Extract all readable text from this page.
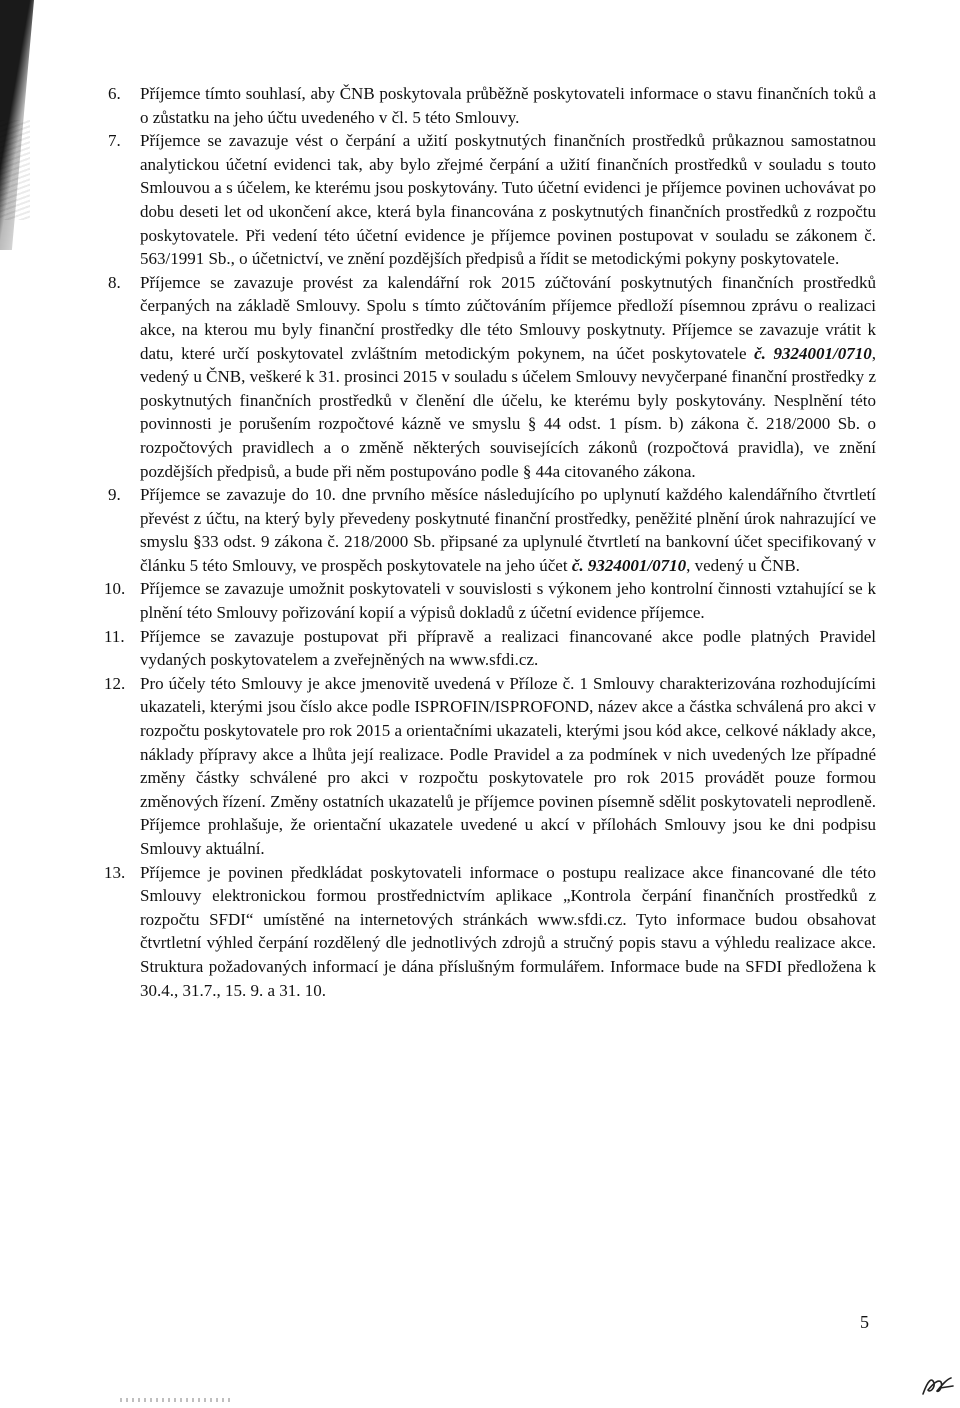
6.	Příjemce tímto souhlasí, aby ČNB poskytovala průběžně poskytovateli informace o stavu finančních toků a o zůstatku na jeho účtu uvedeného v čl. 5 této Smlouvy.

7.	Příjemce se zavazuje vést o čerpání a užití poskytnutých finančních prostředků průkaznou samostatnou analytickou účetní evidenci tak, aby bylo zřejmé čerpání a užití finančních prostředků v souladu s touto Smlouvou a s účelem, ke kterému jsou poskytovány. Tuto účetní evidenci je příjemce povinen uchovávat po dobu deseti let od ukončení akce, která byla financována z poskytnutých finančních prostředků z rozpočtu poskytovatele. Při vedení této účetní evidence je příjemce povinen postupovat v souladu se zákonem č. 563/1991 Sb., o účetnictví, ve znění pozdějších předpisů a řídit se metodickými pokyny poskytovatele.

8.	Příjemce se zavazuje provést za kalendářní rok 2015 zúčtování poskytnutých finančních prostředků čerpaných na základě Smlouvy. Spolu s tímto zúčtováním příjemce předloží písemnou zprávu o realizaci akce, na kterou mu byly finanční prostředky dle této Smlouvy poskytnuty. Příjemce se zavazuje vrátit k datu, které určí poskytovatel zvláštním metodickým pokynem, na účet poskytovatele č. 9324001/0710, vedený u ČNB, veškeré k 31. prosinci 2015 v souladu s účelem Smlouvy nevyčerpané finanční prostředky z poskytnutých finančních prostředků v členění dle účelu, ke kterému byly poskytovány. Nesplnění této povinnosti je porušením rozpočtové kázně ve smyslu § 44 odst. 1 písm. b) zákona č. 218/2000 Sb. o rozpočtových pravidlech a o změně některých souvisejících zákonů (rozpočtová pravidla), ve znění pozdějších předpisů, a bude při něm postupováno podle § 44a citovaného zákona.

9.	Příjemce se zavazuje do 10. dne prvního měsíce následujícího po uplynutí každého kalendářního čtvrtletí převést z účtu, na který byly převedeny poskytnuté finanční prostředky, peněžité plnění úrok nahrazující ve smyslu §33 odst. 9 zákona č. 218/2000 Sb. připsané za uplynulé čtvrtletí na bankovní účet specifikovaný v článku 5 této Smlouvy, ve prospěch poskytovatele na jeho účet č. 9324001/0710, vedený u ČNB.

10. Příjemce se zavazuje umožnit poskytovateli v souvislosti s výkonem jeho kontrolní činnosti vztahující se k plnění této Smlouvy pořizování kopií a výpisů dokladů z účetní evidence příjemce.

11. Příjemce se zavazuje postupovat při přípravě a realizaci financované akce podle platných Pravidel vydaných poskytovatelem a zveřejněných na www.sfdi.cz.

12. Pro účely této Smlouvy je akce jmenovitě uvedená v Příloze č. 1 Smlouvy charakterizována rozhodujícími ukazateli, kterými jsou číslo akce podle ISPROFIN/ISPROFOND, název akce a částka schválená pro akci v rozpočtu poskytovatele pro rok 2015 a orientačními ukazateli, kterými jsou kód akce, celkové náklady akce, náklady přípravy akce a lhůta její realizace. Podle Pravidel a za podmínek v nich uvedených lze případné změny částky schválené pro akci v rozpočtu poskytovatele pro rok 2015 provádět pouze formou změnových řízení. Změny ostatních ukazatelů je příjemce povinen písemně sdělit poskytovateli neprodleně. Příjemce prohlašuje, že orientační ukazatele uvedené u akcí v přílohách Smlouvy jsou ke dni podpisu Smlouvy aktuální.

13. Příjemce je povinen předkládat poskytovateli informace o postupu realizace akce financované dle této Smlouvy elektronickou formou prostřednictvím aplikace „Kontrola čerpání finančních prostředků z rozpočtu SFDI“ umístěné na internetových stránkách www.sfdi.cz. Tyto informace budou obsahovat čtvrtletní výhled čerpání rozdělený dle jednotlivých zdrojů a stručný popis stavu a výhledu realizace akce. Struktura požadovaných informací je dána příslušným formulářem. Informace bude na SFDI předložena k 30.4., 31.7., 15. 9. a 31. 10.

5
